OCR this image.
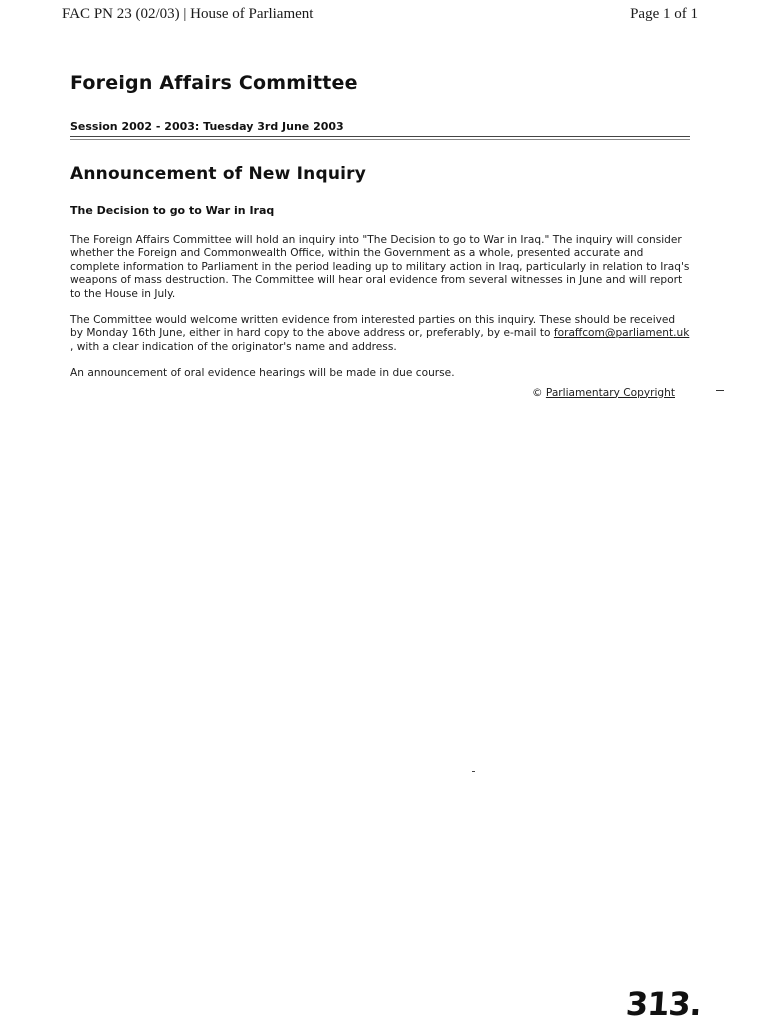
FAC PN 23 (02/03) | House of Parliament	Page 1 of 1
Foreign Affairs Committee
Session 2002 - 2003: Tuesday 3rd June 2003
Announcement of New Inquiry
The Decision to go to War in Iraq

The Foreign Affairs Committee will hold an inquiry into "The Decision to go to War in Iraq." The inquiry will consider whether the Foreign and Commonwealth Office, within the Government as a whole, presented accurate and complete information to Parliament in the period leading up to military action in Iraq, particularly in relation to Iraq's weapons of mass destruction. The Committee will hear oral evidence from several witnesses in June and will report to the House in July.

The Committee would welcome written evidence from interested parties on this inquiry. These should be received by Monday 16th June, either in hard copy to the above address or, preferably, by e-mail to foraffcom@parliament.uk , with a clear indication of the originator's name and address.

An announcement of oral evidence hearings will be made in due course.

© Parliamentary Copyright
313.
